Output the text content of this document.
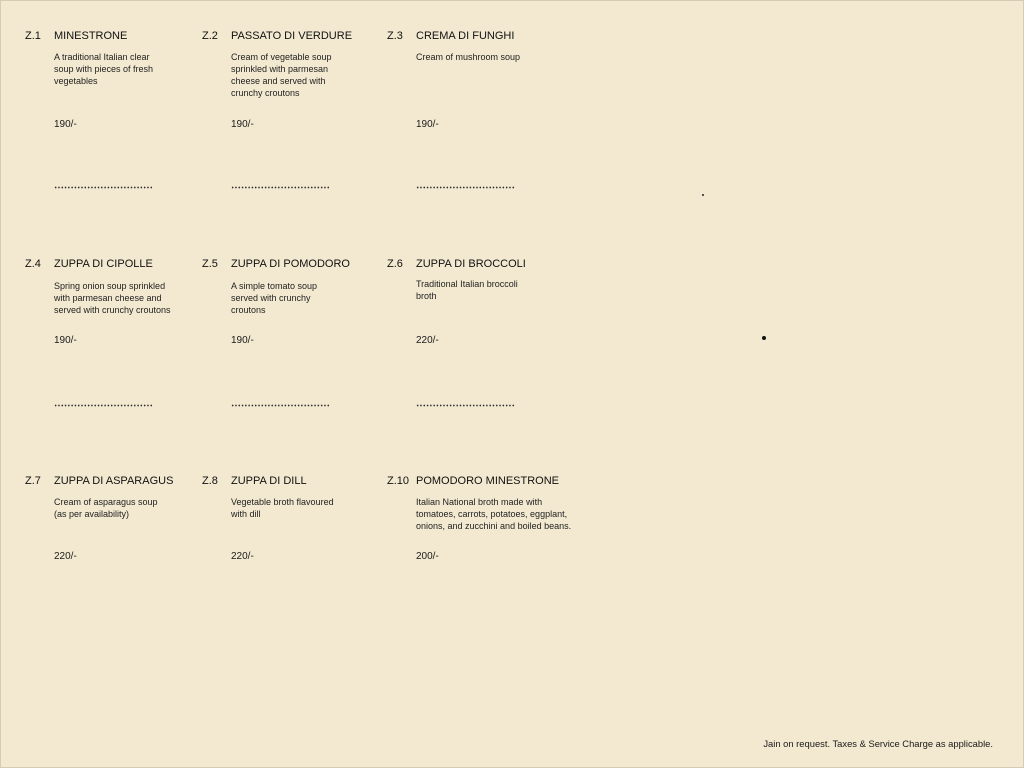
Z.1 MINESTRONE
A traditional Italian clear
soup with pieces of fresh
vegetables
190/-
Z.2 PASSATO DI VERDURE
Cream of vegetable soup
sprinkled with parmesan
cheese and served with
crunchy croutons
190/-
Z.3 CREMA DI FUNGHI
Cream of mushroom soup
190/-
Z.4 ZUPPA DI CIPOLLE
Spring onion soup sprinkled
with parmesan cheese and
served with crunchy croutons
190/-
Z.5 ZUPPA DI POMODORO
A simple tomato soup
served with crunchy
croutons
190/-
Z.6 ZUPPA DI BROCCOLI
Traditional Italian broccoli
broth
220/-
Z.7 ZUPPA DI ASPARAGUS
Cream of asparagus soup
(as per availability)
220/-
Z.8 ZUPPA DI DILL
Vegetable broth flavoured
with dill
220/-
Z.10 POMODORO MINESTRONE
Italian National broth made with
tomatoes, carrots, potatoes, eggplant,
onions, and zucchini and boiled beans.
200/-
Jain on request. Taxes & Service Charge as applicable.
